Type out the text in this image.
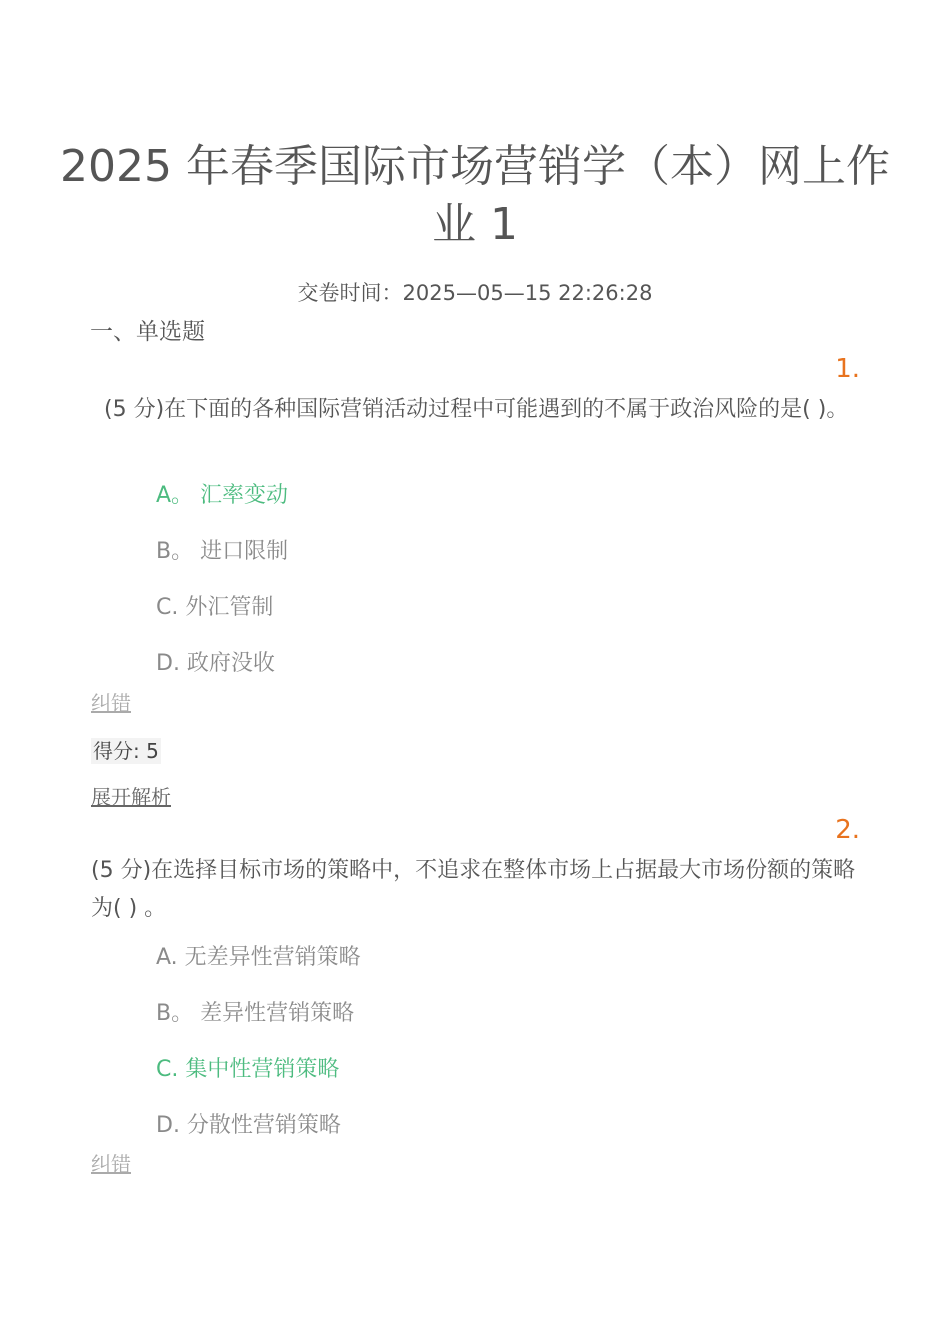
2025 年春季国际市场营销学（本）网上作业 1
交卷时间：2025—05—15 22:26:28
一、单选题
1.
(5 分)在下面的各种国际营销活动过程中可能遇到的不属于政治风险的是( )。
A。 汇率变动
B。 进口限制
C. 外汇管制
D. 政府没收
纠错
得分: 5
展开解析
2.
(5 分)在选择目标市场的策略中，不追求在整体市场上占据最大市场份额的策略为( ) 。
A. 无差异性营销策略
B。 差异性营销策略
C. 集中性营销策略
D. 分散性营销策略
纠错
